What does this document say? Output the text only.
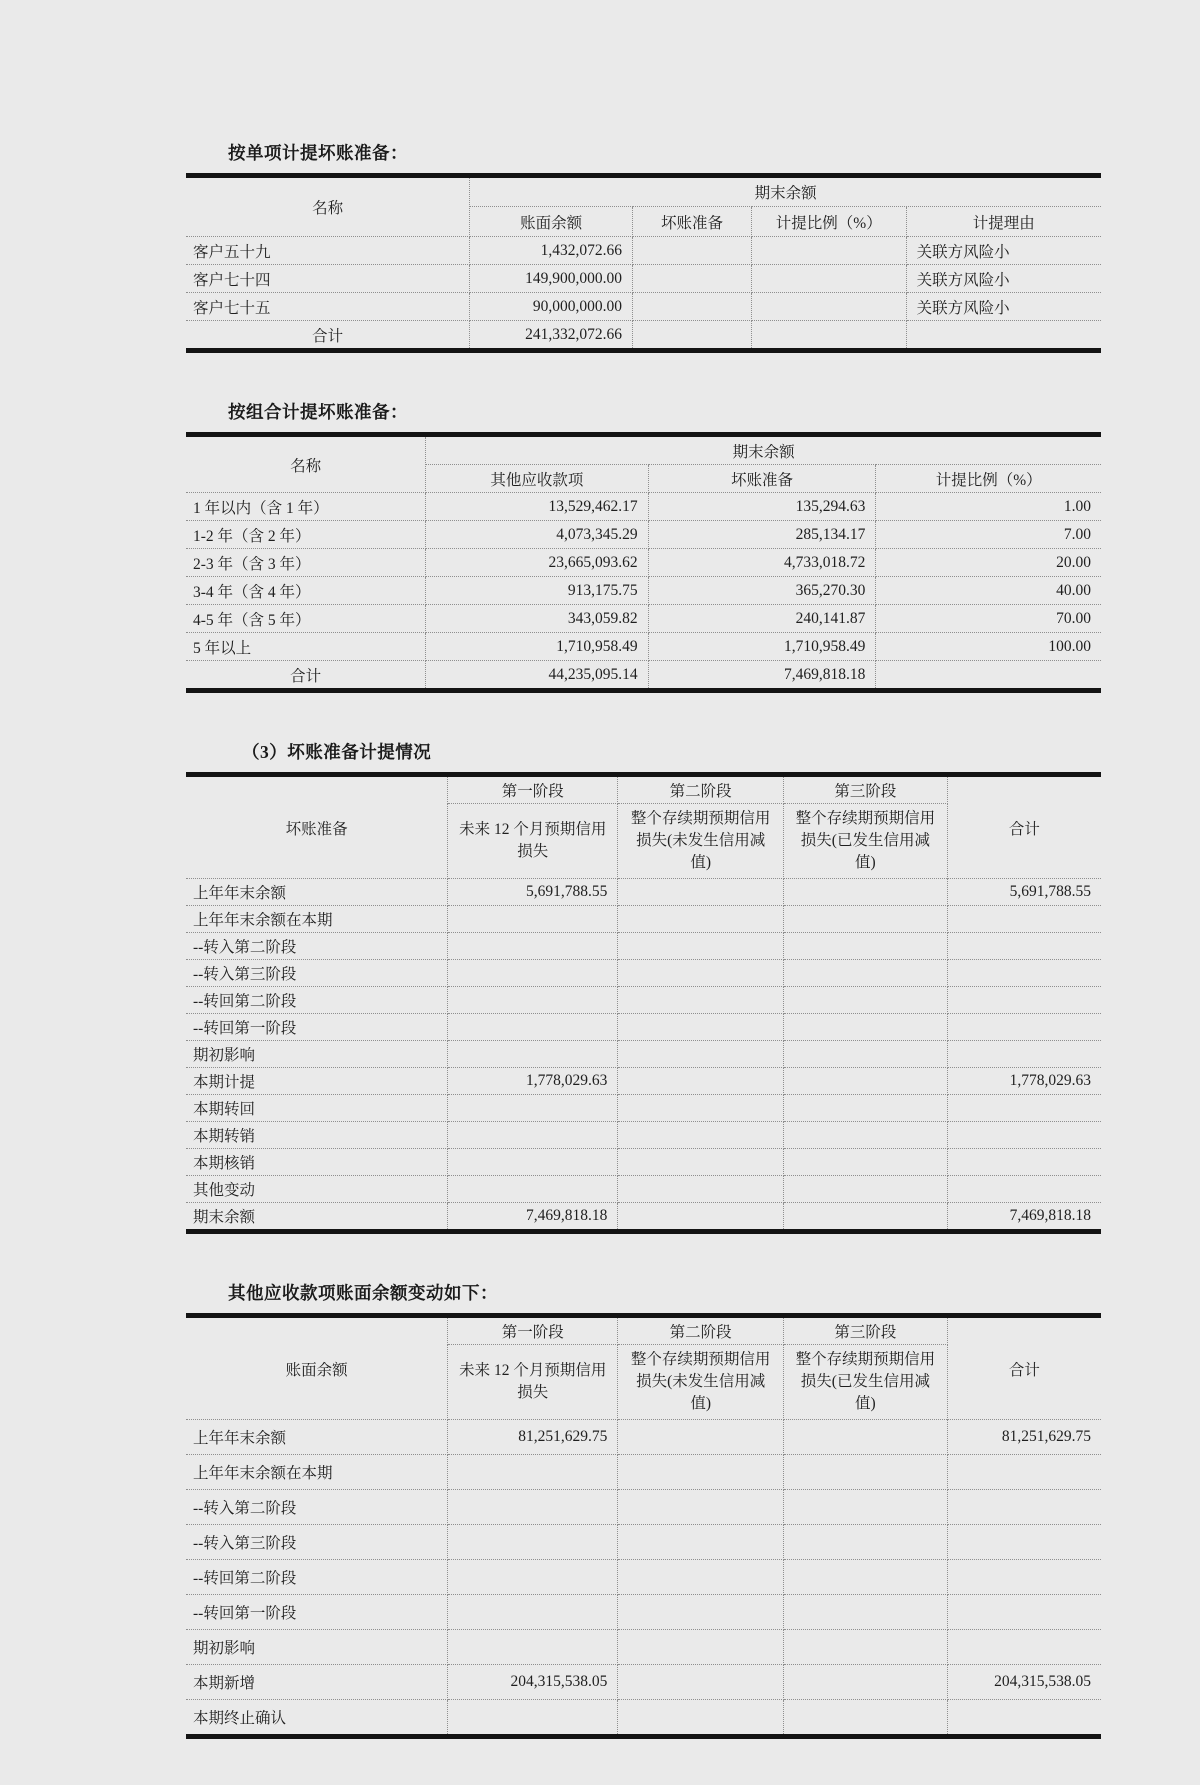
按单项计提坏账准备：
名称	期末余额			
	账面余额	坏账准备	计提比例（%）	计提理由
客户五十九	1,432,072.66			关联方风险小
客户七十四	149,900,000.00			关联方风险小
客户七十五	90,000,000.00			关联方风险小
合计	241,332,072.66			
按组合计提坏账准备：
名称	期末余额		
	其他应收款项	坏账准备	计提比例（%）
1 年以内（含 1 年）	13,529,462.17	135,294.63	1.00
1-2 年（含 2 年）	4,073,345.29	285,134.17	7.00
2-3 年（含 3 年）	23,665,093.62	4,733,018.72	20.00
3-4 年（含 4 年）	913,175.75	365,270.30	40.00
4-5 年（含 5 年）	343,059.82	240,141.87	70.00
5 年以上	1,710,958.49	1,710,958.49	100.00
合计	44,235,095.14	7,469,818.18	
（3）坏账准备计提情况
坏账准备	第一阶段	第二阶段	第三阶段	合计
	未来 12 个月预期信用损失	整个存续期预期信用损失(未发生信用减值)	整个存续期预期信用损失(已发生信用减值)	
上年年末余额	5,691,788.55			5,691,788.55
上年年末余额在本期				
--转入第二阶段				
--转入第三阶段				
--转回第二阶段				
--转回第一阶段				
期初影响				
本期计提	1,778,029.63			1,778,029.63
本期转回				
本期转销				
本期核销				
其他变动				
期末余额	7,469,818.18			7,469,818.18
其他应收款项账面余额变动如下：
账面余额	第一阶段	第二阶段	第三阶段	合计
	未来 12 个月预期信用损失	整个存续期预期信用损失(未发生信用减值)	整个存续期预期信用损失(已发生信用减值)	
上年年末余额	81,251,629.75			81,251,629.75
上年年末余额在本期				
--转入第二阶段				
--转入第三阶段				
--转回第二阶段				
--转回第一阶段				
期初影响				
本期新增	204,315,538.05			204,315,538.05
本期终止确认				
